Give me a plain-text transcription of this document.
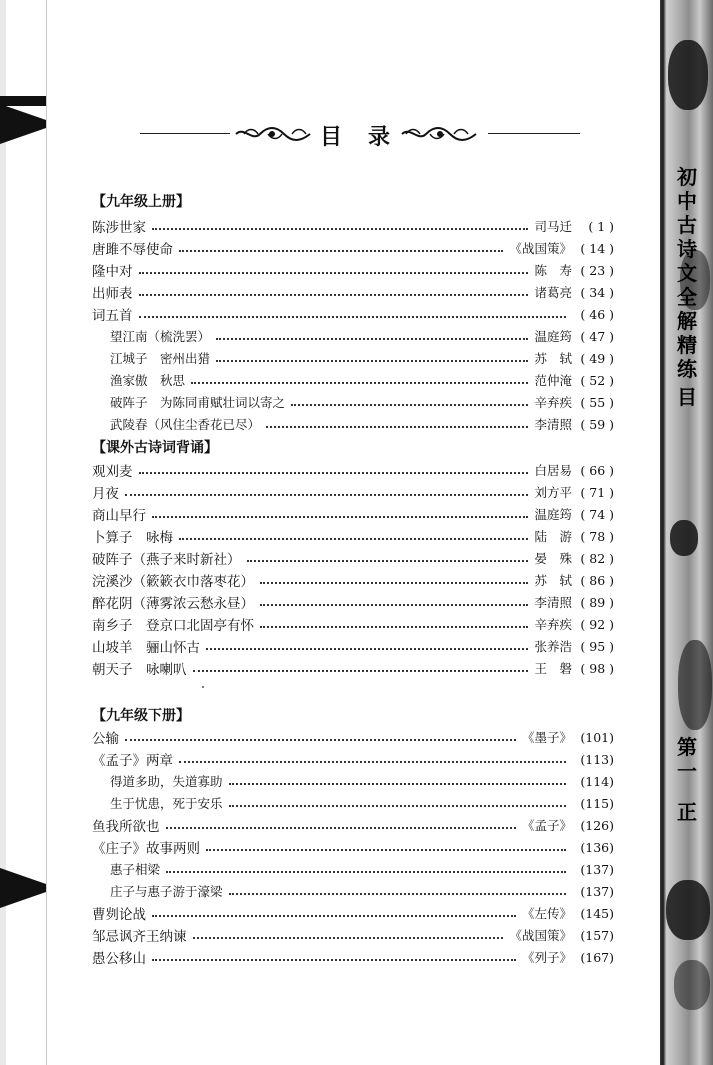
初中古诗文全解精练
目
第一
正
目　录
【九年级上册】
陈涉世家	司马迁	( 1 )
唐雎不辱使命	《战国策》 ( 14 )
隆中对	陈　寿 ( 23 )
出师表	诸葛亮 ( 34 )
词五首	( 46 )
望江南（梳洗罢）	温庭筠 ( 47 )
江城子　密州出猎	苏　轼 ( 49 )
渔家傲　秋思	范仲淹 ( 52 )
破阵子　为陈同甫赋壮词以寄之	辛弃疾 ( 55 )
武陵春（风住尘香花已尽）	李清照 ( 59 )
【课外古诗词背诵】
观刈麦	白居易 ( 66 )
月夜	刘方平 ( 71 )
商山早行	温庭筠 ( 74 )
卜算子　咏梅	陆　游 ( 78 )
破阵子（燕子来时新社）	晏　殊 ( 82 )
浣溪沙（簌簌衣巾落枣花）	苏　轼 ( 86 )
醉花阴（薄雾浓云愁永昼）	李清照 ( 89 )
南乡子　登京口北固亭有怀	辛弃疾 ( 92 )
山坡羊　骊山怀古	张养浩 ( 95 )
朝天子　咏喇叭	王　磐 ( 98 )
【九年级下册】
公输	《墨子》 (101)
《孟子》两章	(113)
得道多助，失道寡助	(114)
生于忧患，死于安乐	(115)
鱼我所欲也	《孟子》 (126)
《庄子》故事两则	(136)
惠子相梁	(137)
庄子与惠子游于濠梁	(137)
曹刿论战	《左传》 (145)
邹忌讽齐王纳谏	《战国策》 (157)
愚公移山	《列子》 (167)
